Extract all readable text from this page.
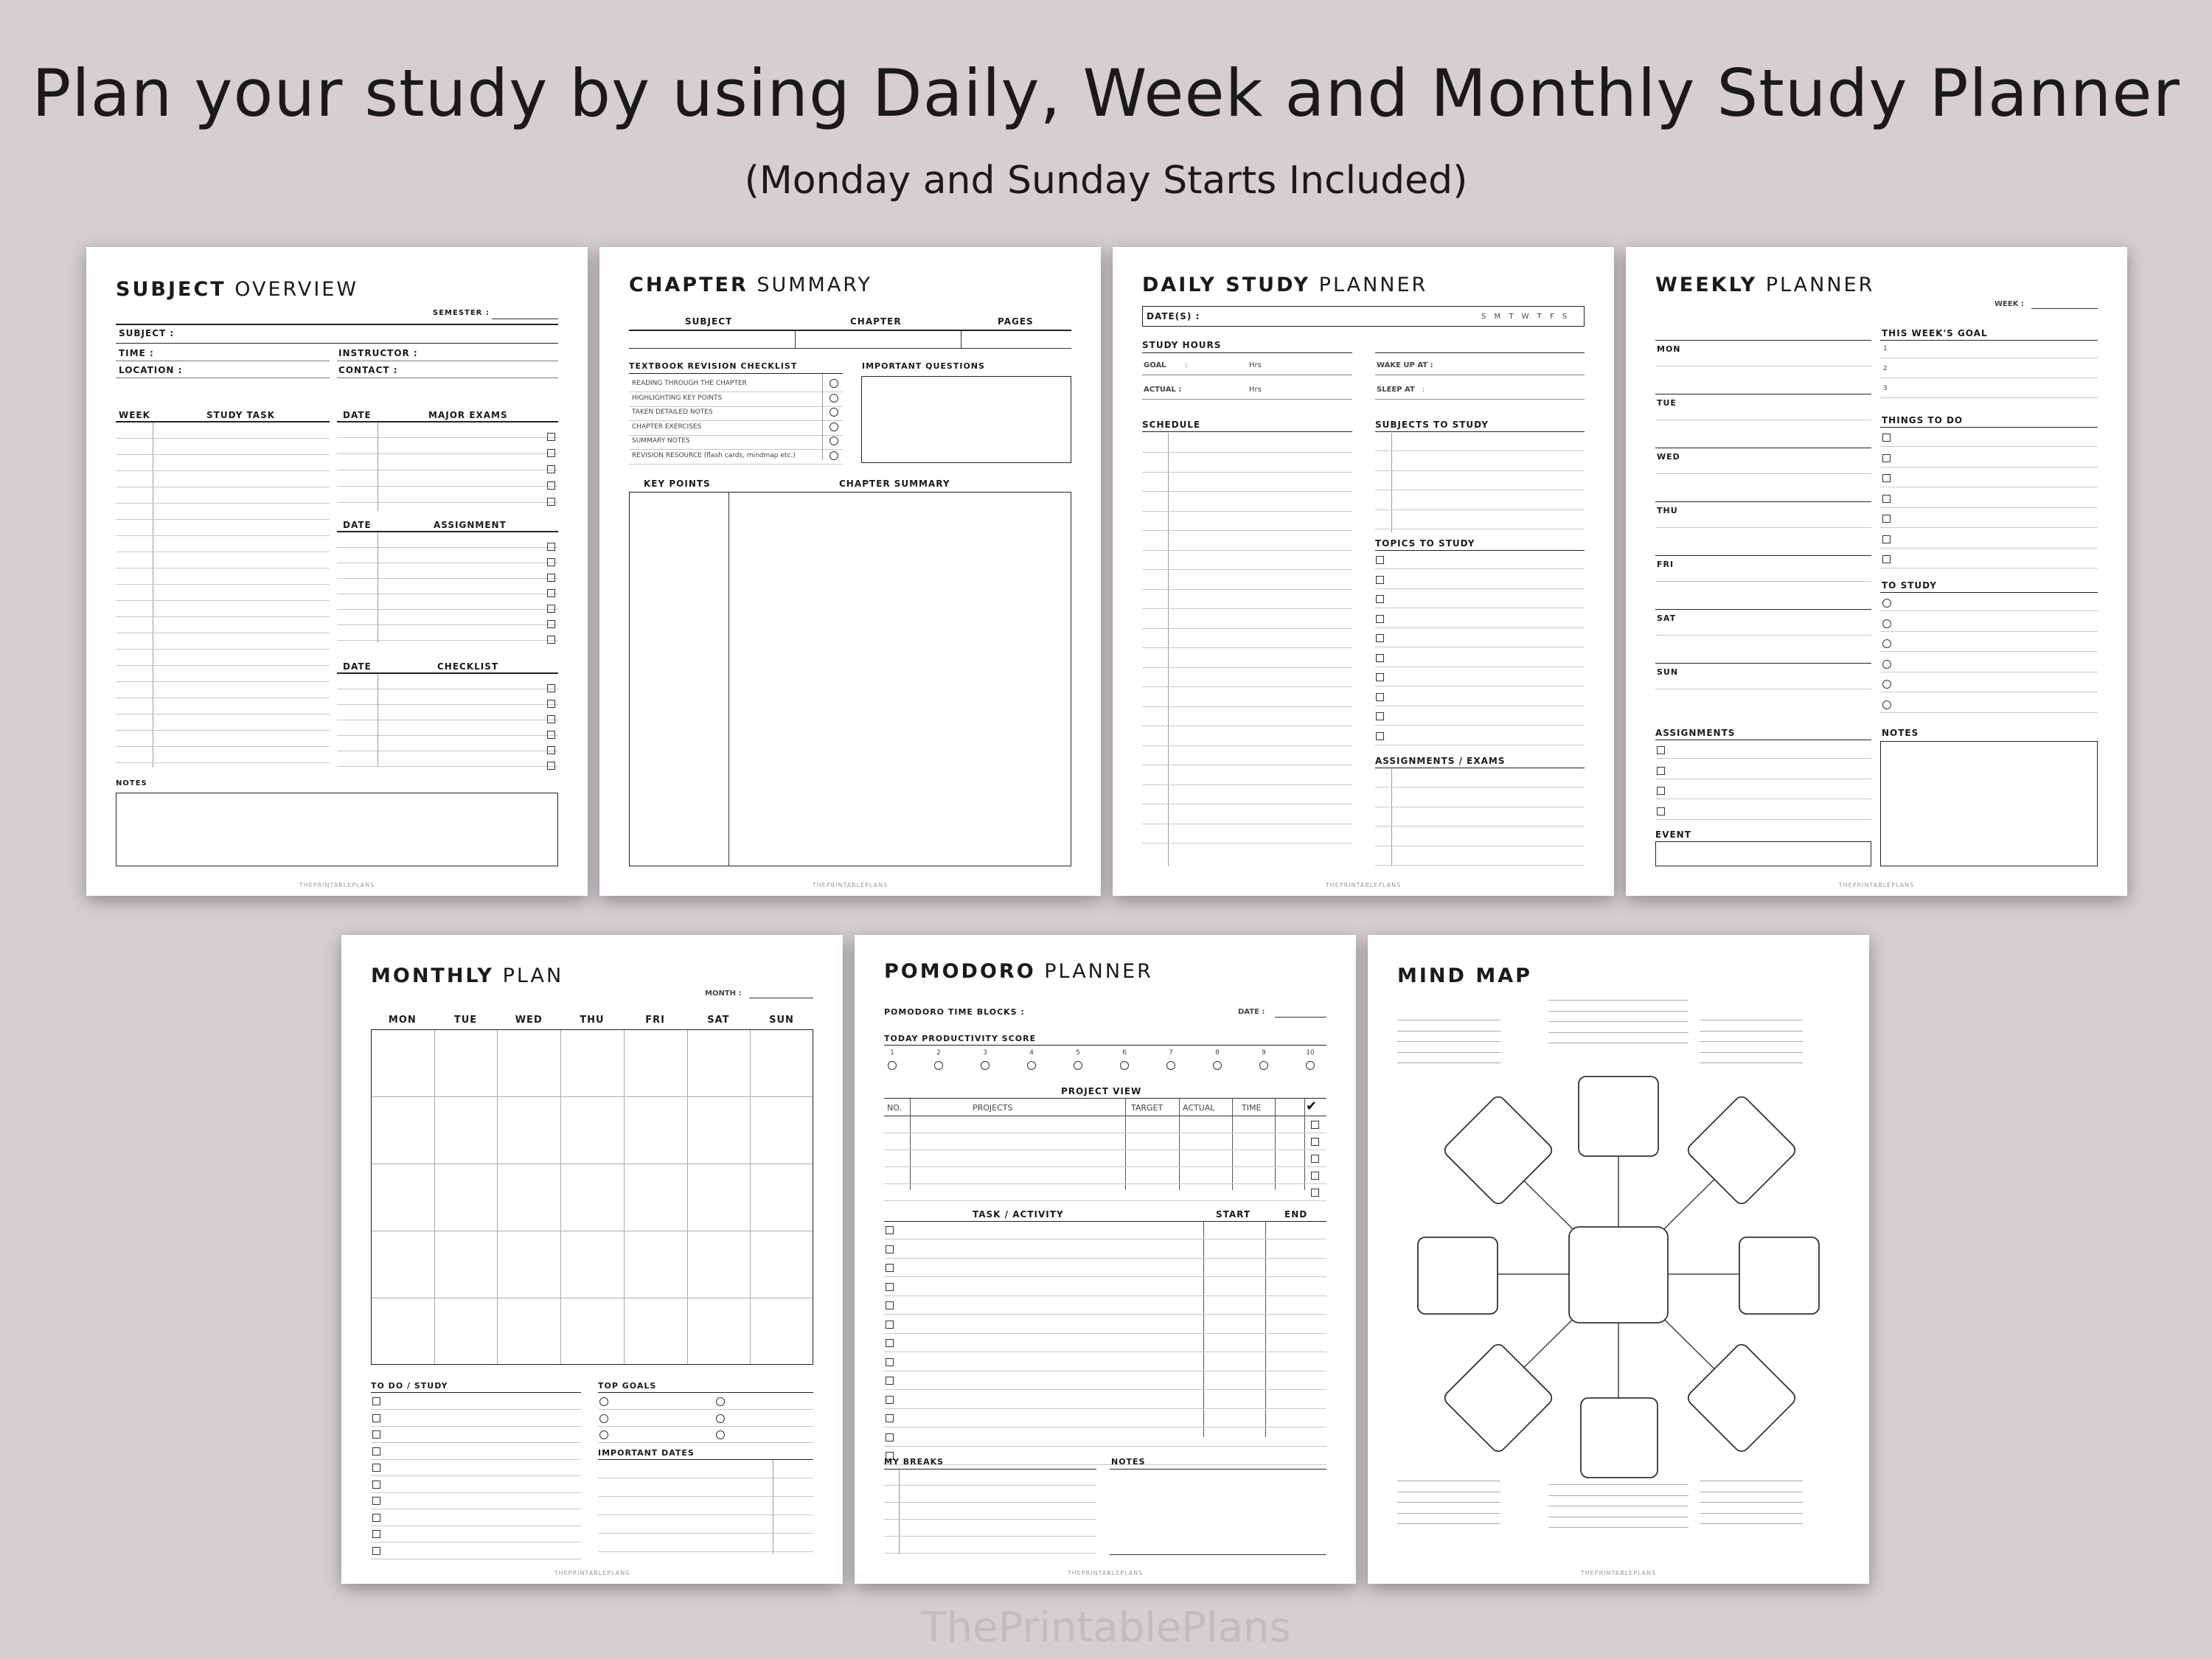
Plan your study by using Daily, Week and Monthly Study Planner
(Monday and Sunday Starts Included)
SUBJECT OVERVIEW
SEMESTER :
SUBJECT :
TIME :
LOCATION :
INSTRUCTOR :
CONTACT :
WEEK	STUDY TASK	DATE	MAJOR EXAMS
DATE	ASSIGNMENT
DATE	CHECKLIST
NOTES
THEPRINTABLEPLANS
CHAPTER SUMMARY
SUBJECT	CHAPTER	PAGES
TEXTBOOK REVISION CHECKLIST
READING THROUGH THE CHAPTER
HIGHLIGHTING KEY POINTS
TAKEN DETAILED NOTES
CHAPTER EXERCISES
SUMMARY NOTES
REVISION RESOURCE (flash cards, mindmap etc.)
IMPORTANT QUESTIONS
KEY POINTS	CHAPTER SUMMARY
THEPRINTABLEPLANS
DAILY STUDY PLANNER
DATE(S) :	S M T W T F S
STUDY HOURS
GOAL	:	Hrs
ACTUAL :	Hrs
WAKE UP AT :
SLEEP AT :
SCHEDULE	SUBJECTS TO STUDY
TOPICS TO STUDY
ASSIGNMENTS / EXAMS
THEPRINTABLEPLANS
WEEKLY PLANNER
WEEK :
MON
TUE
WED
THU
FRI
SAT
SUN
THIS WEEK'S GOAL
1
2
3
THINGS TO DO
TO STUDY
ASSIGNMENTS
EVENT
NOTES
THEPRINTABLEPLANS
MONTHLY PLAN
MONTH :
MON	TUE	WED	THU	FRI	SAT	SUN
TO DO / STUDY	TOP GOALS
IMPORTANT DATES
THEPRINTABLEPLANS
POMODORO PLANNER
POMODORO TIME BLOCKS :	DATE :
TODAY PRODUCTIVITY SCORE
1	2	3	4	5	6	7	8	9	10
PROJECT VIEW
NO.	PROJECTS	TARGET ACTUAL	TIME	✔
TASK / ACTIVITY	START	END
MY BREAKS	NOTES
THEPRINTABLEPLANS
MIND MAP
THEPRINTABLEPLANS
ThePrintablePlans
